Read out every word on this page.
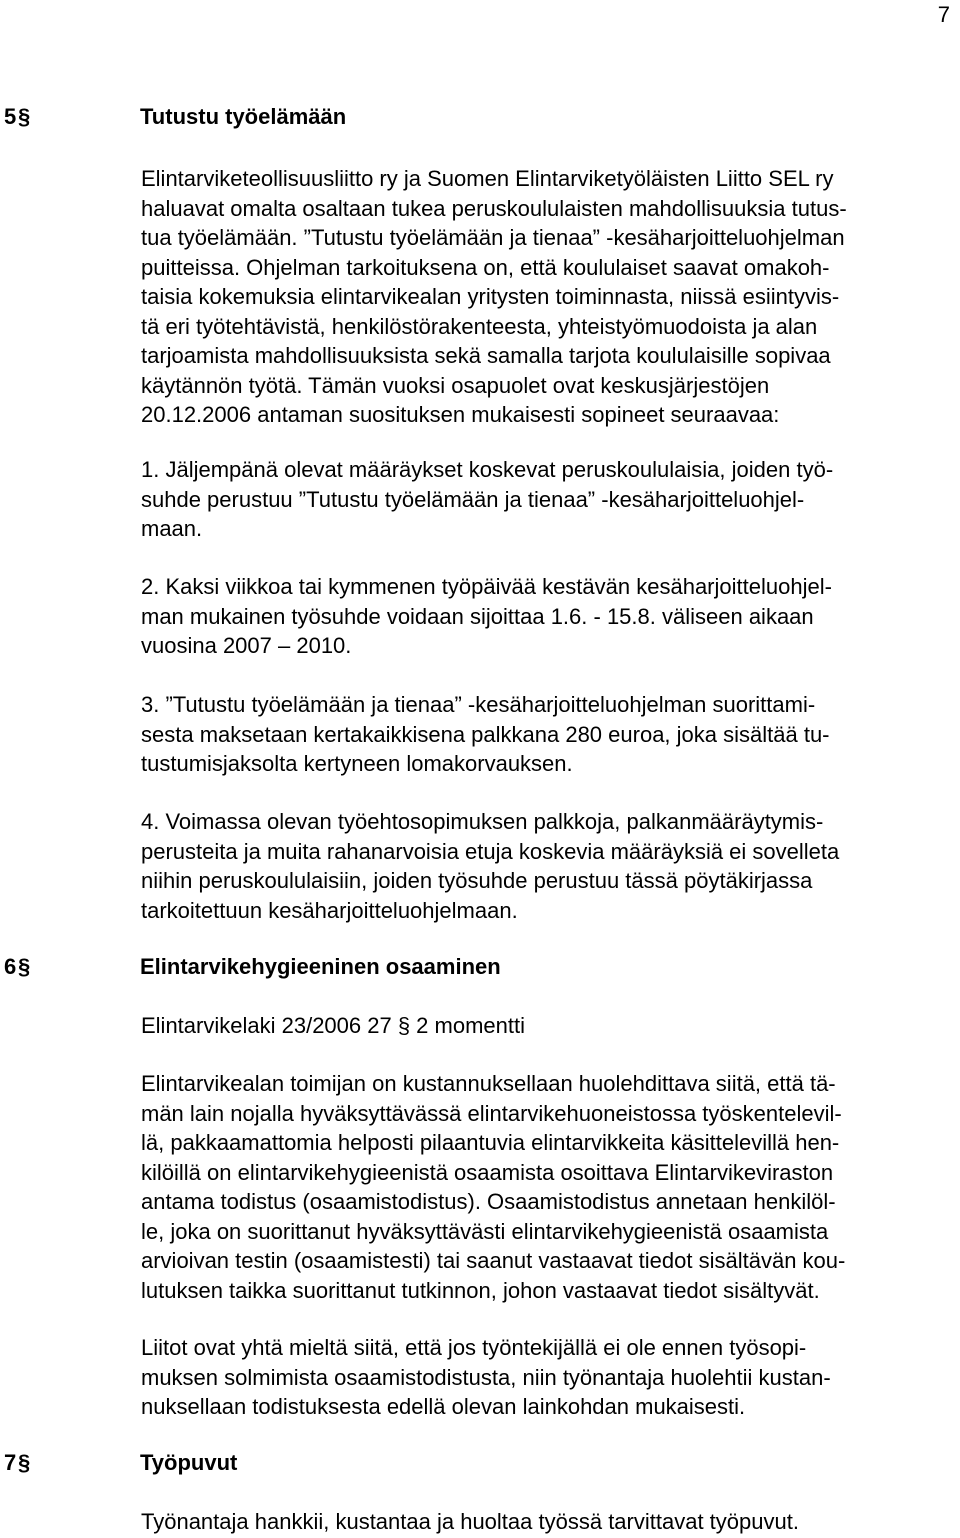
7
5§	Tutustu työelämään

Elintarviketeollisuusliitto ry ja Suomen Elintarviketyöläisten Liitto SEL ry
haluavat omalta osaltaan tukea peruskoululaisten mahdollisuuksia tutus-
tua työelämään. ”Tutustu työelämään ja tienaa” -kesäharjoitteluohjelman
puitteissa. Ohjelman tarkoituksena on, että koululaiset saavat omakoh-
taisia kokemuksia elintarvikealan yritysten toiminnasta, niissä esiintyvis-
tä eri työtehtävistä, henkilöstörakenteesta, yhteistyömuodoista ja alan
tarjoamista mahdollisuuksista sekä samalla tarjota koululaisille sopivaa
käytännön työtä. Tämän vuoksi osapuolet ovat keskusjärjestöjen
20.12.2006 antaman suosituksen mukaisesti sopineet seuraavaa:

1. Jäljempänä olevat määräykset koskevat peruskoululaisia, joiden työ-
suhde perustuu ”Tutustu työelämään ja tienaa” -kesäharjoitteluohjel-
maan.

2. Kaksi viikkoa tai kymmenen työpäivää kestävän kesäharjoitteluohjel-
man mukainen työsuhde voidaan sijoittaa 1.6. - 15.8. väliseen aikaan
vuosina 2007 – 2010.

3. ”Tutustu työelämään ja tienaa” -kesäharjoitteluohjelman suorittami-
sesta maksetaan kertakaikkisena palkkana 280 euroa, joka sisältää tu-
tustumisjaksolta kertyneen lomakorvauksen.

4. Voimassa olevan työehtosopimuksen palkkoja, palkanmääräytymis-
perusteita ja muita rahanarvoisia etuja koskevia määräyksiä ei sovelleta
niihin peruskoululaisiin, joiden työsuhde perustuu tässä pöytäkirjassa
tarkoitettuun kesäharjoitteluohjelmaan.

6§	Elintarvikehygieeninen osaaminen

Elintarvikelaki 23/2006 27 § 2 momentti

Elintarvikealan toimijan on kustannuksellaan huolehdittava siitä, että tä-
män lain nojalla hyväksyttävässä elintarvikehuoneistossa työskentelevil-
lä, pakkaamattomia helposti pilaantuvia elintarvikkeita käsittelevillä hen-
kilöillä on elintarvikehygieenistä osaamista osoittava Elintarvikeviraston
antama todistus (osaamistodistus). Osaamistodistus annetaan henkilöl-
le, joka on suorittanut hyväksyttävästi elintarvikehygieenistä osaamista
arvioivan testin (osaamistesti) tai saanut vastaavat tiedot sisältävän kou-
lutuksen taikka suorittanut tutkinnon, johon vastaavat tiedot sisältyvät.

Liitot ovat yhtä mieltä siitä, että jos työntekijällä ei ole ennen työsopi-
muksen solmimista osaamistodistusta, niin työnantaja huolehtii kustan-
nuksellaan todistuksesta edellä olevan lainkohdan mukaisesti.

7§	Työpuvut

Työnantaja hankkii, kustantaa ja huoltaa työssä tarvittavat työpuvut.
